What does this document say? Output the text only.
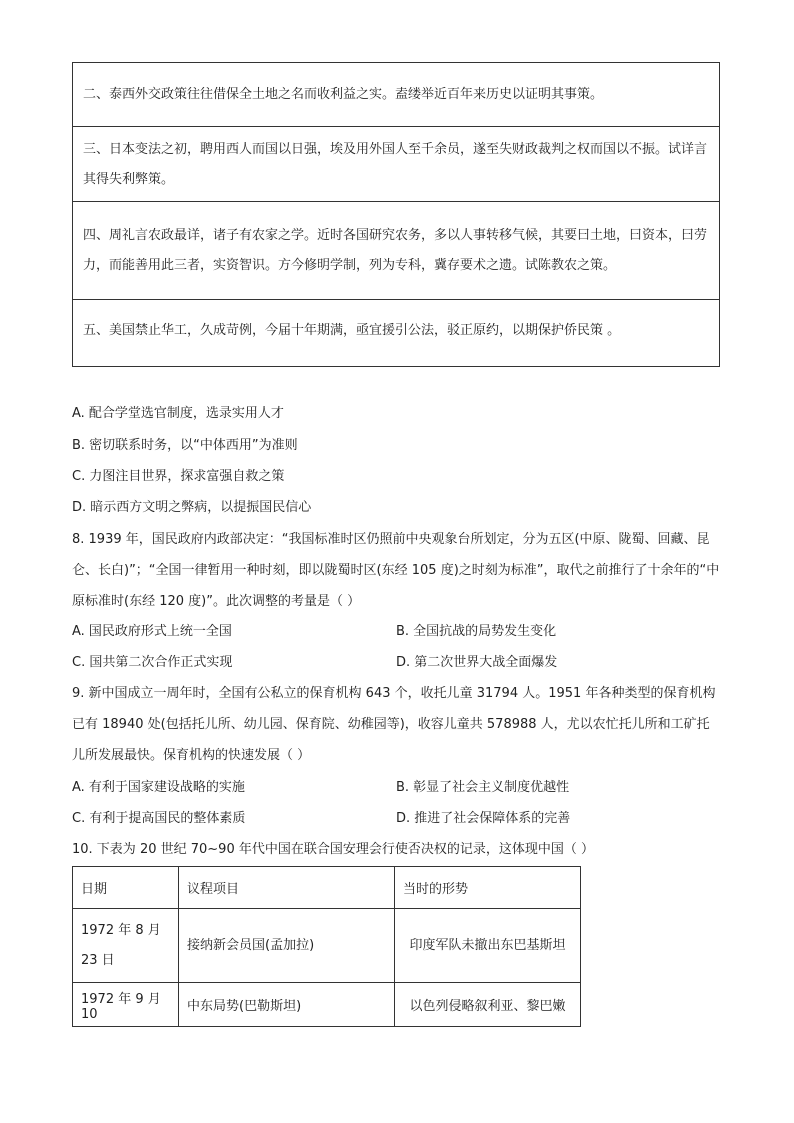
二、泰西外交政策往往借保全土地之名而收利益之实。盍缕举近百年来历史以证明其事策。
三、日本变法之初，聘用西人而国以日强，埃及用外国人至千余员，遂至失财政裁判之权而国以不振。试详言其得失利弊策。
四、周礼言农政最详，诸子有农家之学。近时各国研究农务，多以人事转移气候，其要曰土地，曰资本，曰劳力，而能善用此三者，实资智识。方今修明学制，列为专科，冀存要术之遗。试陈教农之策。
五、美国禁止华工，久成苛例，今届十年期满，亟宜援引公法，驳正原约，以期保护侨民策 。
A. 配合学堂选官制度，选录实用人才
B. 密切联系时务，以“中体西用”为准则
C. 力图注目世界，探求富强自救之策
D. 暗示西方文明之弊病，以提振国民信心
8. 1939 年，国民政府内政部决定：“我国标准时区仍照前中央观象台所划定，分为五区(中原、陇蜀、回藏、昆仑、长白)”；“全国一律暂用一种时刻，即以陇蜀时区(东经 105 度)之时刻为标准”，取代之前推行了十余年的“中原标准时(东经 120 度)”。此次调整的考量是（ ）
A. 国民政府形式上统一全国	B. 全国抗战的局势发生变化
C. 国共第二次合作正式实现	D. 第二次世界大战全面爆发
9. 新中国成立一周年时，全国有公私立的保育机构 643 个，收托儿童 31794 人。1951 年各种类型的保育机构已有 18940 处(包括托儿所、幼儿园、保育院、幼稚园等)，收容儿童共 578988 人，尤以农忙托儿所和工矿托儿所发展最快。保育机构的快速发展（ ）
A. 有利于国家建设战略的实施	B. 彰显了社会主义制度优越性
C. 有利于提高国民的整体素质	D. 推进了社会保障体系的完善
10. 下表为 20 世纪 70~90 年代中国在联合国安理会行使否决权的记录，这体现中国（ ）
日期	议程项目	当时的形势
1972 年 8 月 23 日	接纳新会员国(孟加拉)	印度军队未撤出东巴基斯坦
1972 年 9 月 10	中东局势(巴勒斯坦)	以色列侵略叙利亚、黎巴嫩
